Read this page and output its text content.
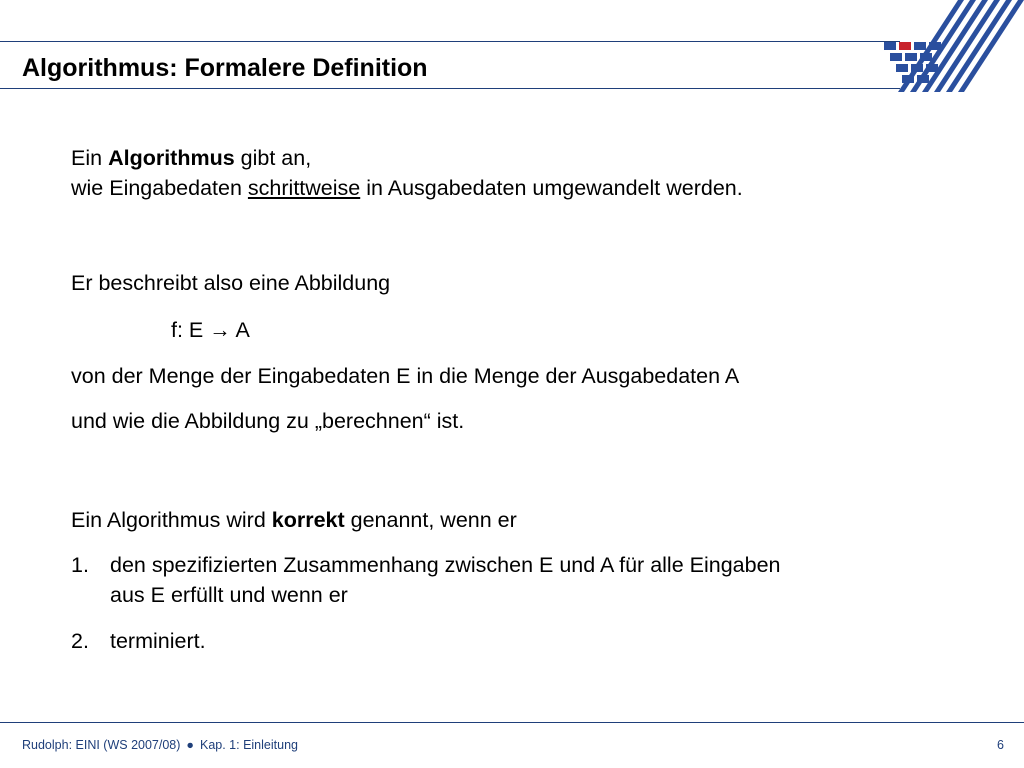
Algorithmus: Formalere Definition
Ein Algorithmus gibt an,
wie Eingabedaten schrittweise in Ausgabedaten umgewandelt werden.
Er beschreibt also eine Abbildung
f: E → A
von der Menge der Eingabedaten E in die Menge der Ausgabedaten A
und wie die Abbildung zu „berechnen“ ist.
Ein Algorithmus wird korrekt genannt, wenn er
1. den spezifizierten Zusammenhang zwischen E und A für alle Eingaben
aus E erfüllt und wenn er
2. terminiert.
Rudolph: EINI (WS 2007/08) ● Kap. 1: Einleitung	6
